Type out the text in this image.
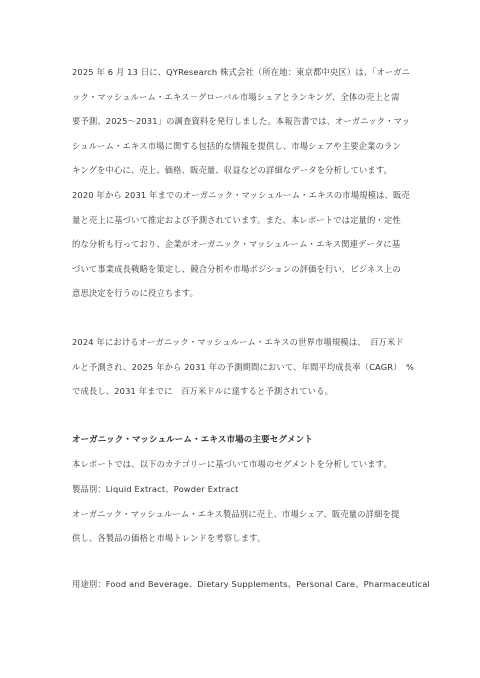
2025 年 6 月 13 日に、QYResearch 株式会社（所在地：東京都中央区）は、「オーガニ
ック・マッシュルーム・エキス－グローバル市場シェアとランキング、全体の売上と需
要予測、2025～2031」の調査資料を発行しました。本報告書では、オーガニック・マッ
シュルーム・エキス市場に関する包括的な情報を提供し、市場シェアや主要企業のラン
キングを中心に、売上、価格、販売量、収益などの詳細なデータを分析しています。
2020 年から 2031 年までのオーガニック・マッシュルーム・エキスの市場規模は、販売
量と売上に基づいて推定および予測されています。また、本レポートでは定量的・定性
的な分析も行っており、企業がオーガニック・マッシュルーム・エキス関連データに基
づいて事業成長戦略を策定し、競合分析や市場ポジションの評価を行い、ビジネス上の
意思決定を行うのに役立ちます。

2024 年におけるオーガニック・マッシュルーム・エキスの世界市場規模は、　百万米ド
ルと予測され、2025 年から 2031 年の予測期間において、年間平均成長率（CAGR）　%
で成長し、2031 年までに　百万米ドルに達すると予測されている。

オーガニック・マッシュルーム・エキス市場の主要セグメント

本レポートでは、以下のカテゴリーに基づいて市場のセグメントを分析しています。
製品別：Liquid Extract、Powder Extract
オーガニック・マッシュルーム・エキス製品別に売上、市場シェア、販売量の詳細を提
供し、各製品の価格と市場トレンドを考察します。

用途別：Food and Beverage、Dietary Supplements、Personal Care、Pharmaceutical
